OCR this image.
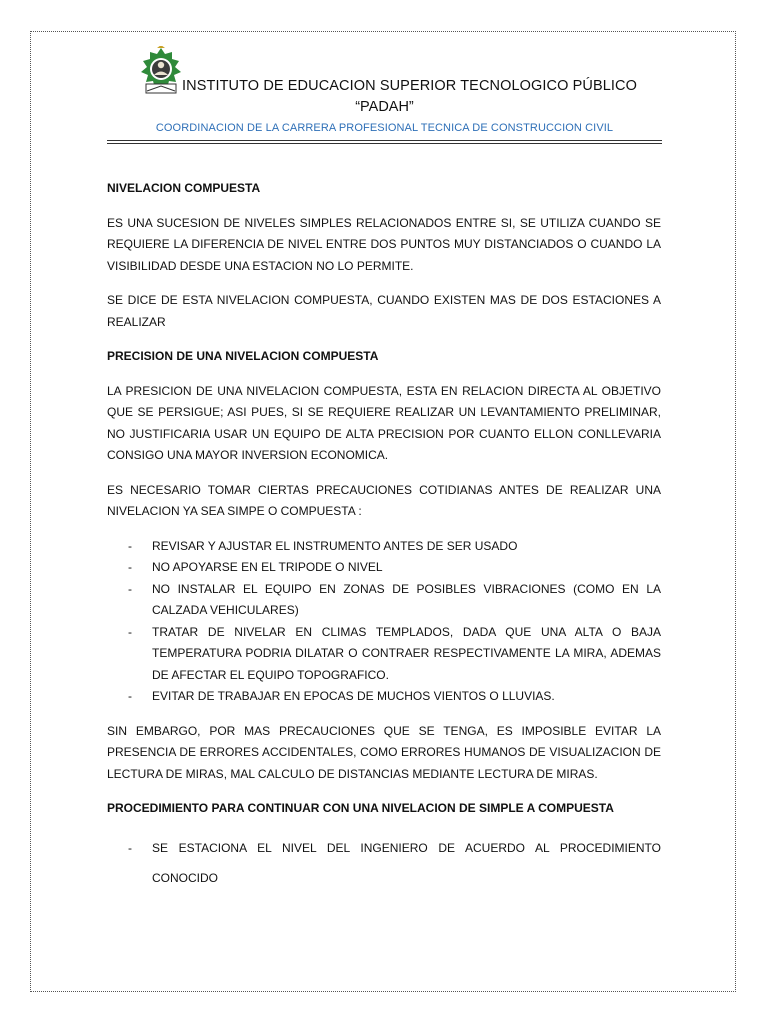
INSTITUTO DE EDUCACION SUPERIOR TECNOLOGICO PÚBLICO
“PADAH”
COORDINACION DE LA CARRERA PROFESIONAL TECNICA DE CONSTRUCCION CIVIL

NIVELACION COMPUESTA

ES UNA SUCESION DE NIVELES SIMPLES RELACIONADOS ENTRE SI, SE UTILIZA CUANDO SE REQUIERE LA DIFERENCIA DE NIVEL ENTRE DOS PUNTOS MUY DISTANCIADOS O CUANDO LA VISIBILIDAD DESDE UNA ESTACION NO LO PERMITE.

SE DICE DE ESTA NIVELACION COMPUESTA, CUANDO EXISTEN MAS DE DOS ESTACIONES A REALIZAR

PRECISION DE UNA NIVELACION COMPUESTA

LA PRESICION DE UNA NIVELACION COMPUESTA, ESTA EN RELACION DIRECTA AL OBJETIVO QUE SE PERSIGUE; ASI PUES, SI SE REQUIERE REALIZAR UN LEVANTAMIENTO PRELIMINAR, NO JUSTIFICARIA USAR UN EQUIPO DE ALTA PRECISION POR CUANTO ELLON CONLLEVARIA CONSIGO UNA MAYOR INVERSION ECONOMICA.

ES NECESARIO TOMAR CIERTAS PRECAUCIONES COTIDIANAS ANTES DE REALIZAR UNA NIVELACION YA SEA SIMPE O COMPUESTA :

- REVISAR Y AJUSTAR EL INSTRUMENTO ANTES DE SER USADO
- NO APOYARSE EN EL TRIPODE O NIVEL
- NO INSTALAR EL EQUIPO EN ZONAS DE POSIBLES VIBRACIONES (COMO EN LA CALZADA VEHICULARES)
- TRATAR DE NIVELAR EN CLIMAS TEMPLADOS, DADA QUE UNA ALTA O BAJA TEMPERATURA PODRIA DILATAR O CONTRAER RESPECTIVAMENTE LA MIRA, ADEMAS DE AFECTAR EL EQUIPO TOPOGRAFICO.
- EVITAR DE TRABAJAR EN EPOCAS DE MUCHOS VIENTOS O LLUVIAS.

SIN EMBARGO, POR MAS PRECAUCIONES QUE SE TENGA, ES IMPOSIBLE EVITAR LA PRESENCIA DE ERRORES ACCIDENTALES, COMO ERRORES HUMANOS DE VISUALIZACION DE LECTURA DE MIRAS, MAL CALCULO DE DISTANCIAS MEDIANTE LECTURA DE MIRAS.

PROCEDIMIENTO PARA CONTINUAR CON UNA NIVELACION DE SIMPLE A COMPUESTA

- SE ESTACIONA EL NIVEL DEL INGENIERO DE ACUERDO AL PROCEDIMIENTO CONOCIDO
